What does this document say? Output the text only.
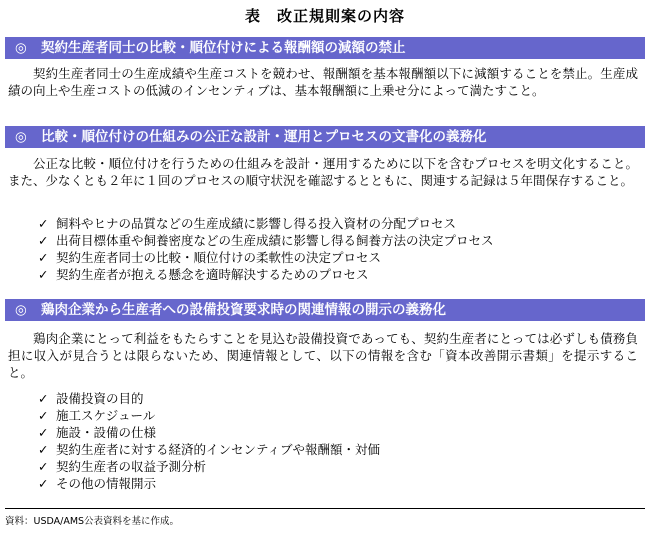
表　改正規則案の内容
◎ 契約生産者同士の比較・順位付けによる報酬額の減額の禁止
契約生産者同士の生産成績や生産コストを競わせ、報酬額を基本報酬額以下に減額することを禁止。生産成績の向上や生産コストの低減のインセンティブは、基本報酬額に上乗せ分によって満たすこと。
◎ 比較・順位付けの仕組みの公正な設計・運用とプロセスの文書化の義務化
公正な比較・順位付けを行うための仕組みを設計・運用するために以下を含むプロセスを明文化すること。また、少なくとも２年に１回のプロセスの順守状況を確認するとともに、関連する記録は５年間保存すること。
✓ 飼料やヒナの品質などの生産成績に影響し得る投入資材の分配プロセス
✓ 出荷目標体重や飼養密度などの生産成績に影響し得る飼養方法の決定プロセス
✓ 契約生産者同士の比較・順位付けの柔軟性の決定プロセス
✓ 契約生産者が抱える懸念を適時解決するためのプロセス
◎ 鶏肉企業から生産者への設備投資要求時の関連情報の開示の義務化
鶏肉企業にとって利益をもたらすことを見込む設備投資であっても、契約生産者にとっては必ずしも債務負担に収入が見合うとは限らないため、関連情報として、以下の情報を含む「資本改善開示書類」を提示すること。
✓ 設備投資の目的
✓ 施工スケジュール
✓ 施設・設備の仕様
✓ 契約生産者に対する経済的インセンティブや報酬額・対価
✓ 契約生産者の収益予測分析
✓ その他の情報開示
資料：USDA/AMS公表資料を基に作成。
